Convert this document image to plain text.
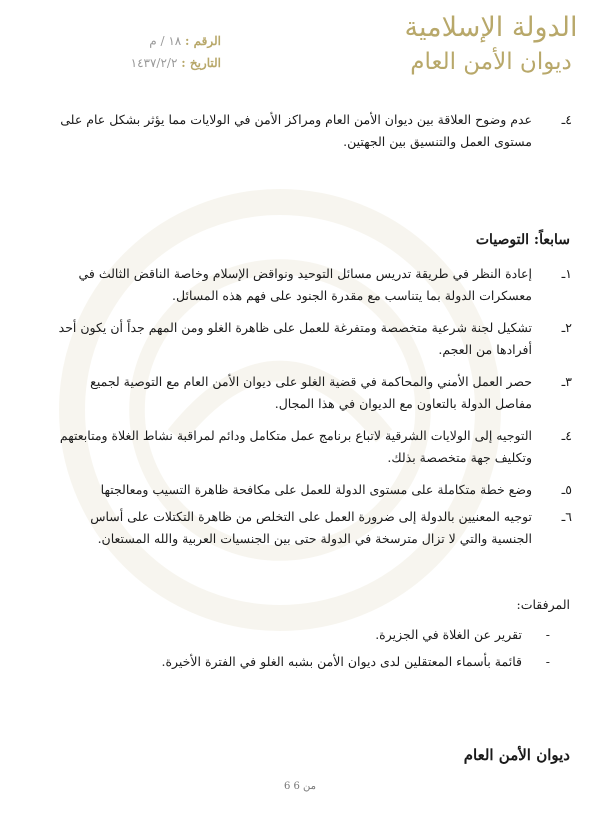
الدولة الإسلامية
ديوان الأمن العام
الرقم : ١٨ / م
التاريخ : ١٤٣٧/٢/٢
٤ـ
عدم وضوح العلاقة بين ديوان الأمن العام ومراكز الأمن في الولايات مما يؤثر بشكل عام على مستوى العمل والتنسيق بين الجهتين.
سابعاً: التوصيات
١ـ
إعادة النظر في طريقة تدريس مسائل التوحيد ونواقض الإسلام وخاصة الناقض الثالث في معسكرات الدولة بما يتناسب مع مقدرة الجنود على فهم هذه المسائل.
٢ـ
تشكيل لجنة شرعية متخصصة ومتفرغة للعمل على ظاهرة الغلو ومن المهم جداً أن يكون أحد أفرادها من العجم.
٣ـ
حصر العمل الأمني والمحاكمة في قضية الغلو على ديوان الأمن العام مع التوصية لجميع مفاصل الدولة بالتعاون مع الديوان في هذا المجال.
٤ـ
التوجيه إلى الولايات الشرقية لاتباع برنامج عمل متكامل ودائم لمراقبة نشاط الغلاة ومتابعتهم وتكليف جهة متخصصة بذلك.
٥ـ
وضع خطة متكاملة على مستوى الدولة للعمل على مكافحة ظاهرة التسيب ومعالجتها
٦ـ
توجيه المعنيين بالدولة إلى ضرورة العمل على التخلص من ظاهرة التكتلات على أساس الجنسية والتي لا تزال مترسخة في الدولة حتى بين الجنسيات العربية والله المستعان.
المرفقات:
-تقرير عن الغلاة في الجزيرة.
-قائمة بأسماء المعتقلين لدى ديوان الأمن بشبه الغلو في الفترة الأخيرة.
ديوان الأمن العام
6 من 6
